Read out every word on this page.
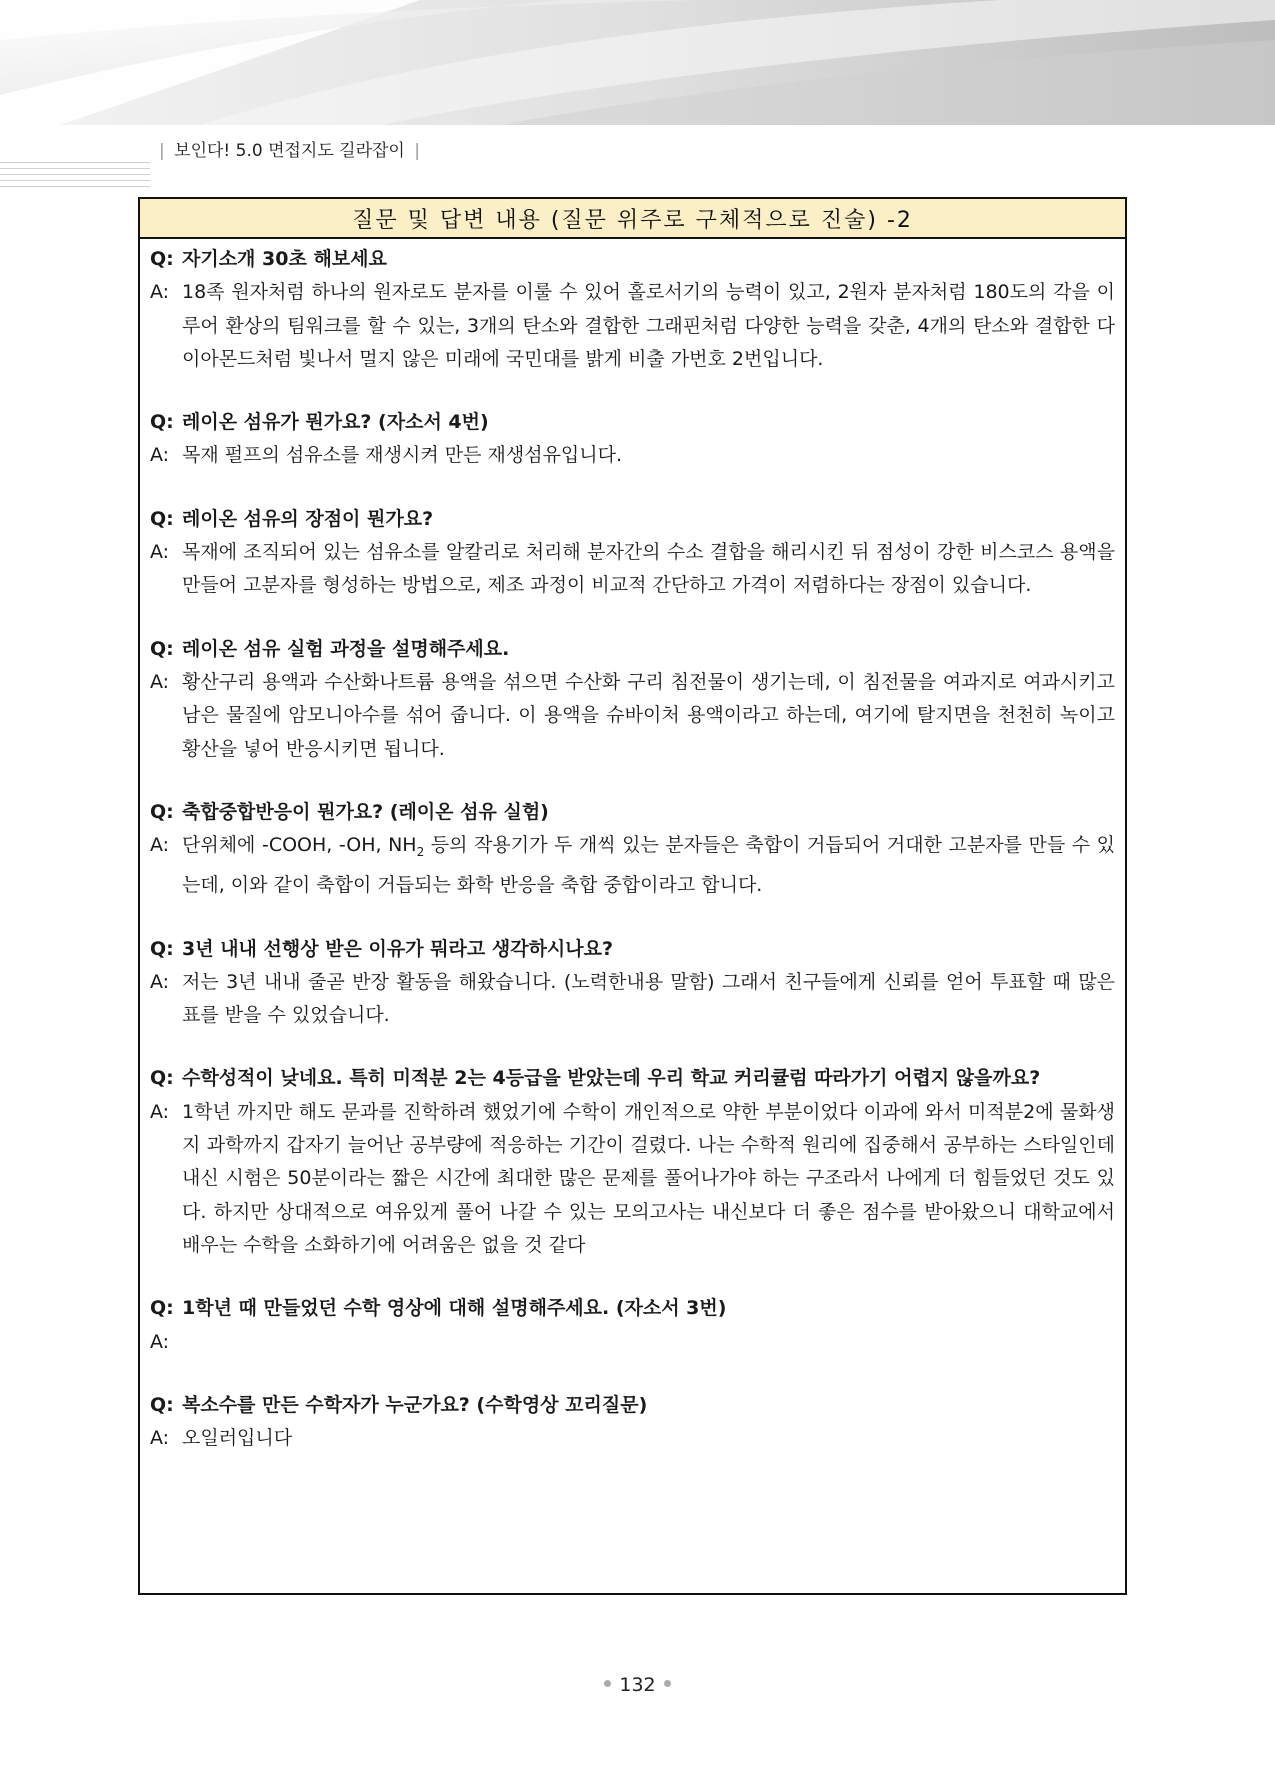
| 보인다! 5.0 면접지도 길라잡이 |
질문 및 답변 내용 (질문 위주로 구체적으로 진술) -2
Q: 자기소개 30초 해보세요
A: 18족 원자처럼 하나의 원자로도 분자를 이룰 수 있어 홀로서기의 능력이 있고, 2원자 분자처럼 180도의 각을 이루어 환상의 팀워크를 할 수 있는, 3개의 탄소와 결합한 그래핀처럼 다양한 능력을 갖춘, 4개의 탄소와 결합한 다이아몬드처럼 빛나서 멀지 않은 미래에 국민대를 밝게 비출 가번호 2번입니다.
Q: 레이온 섬유가 뭔가요? (자소서 4번)
A: 목재 펄프의 섬유소를 재생시켜 만든 재생섬유입니다.
Q: 레이온 섬유의 장점이 뭔가요?
A: 목재에 조직되어 있는 섬유소를 알칼리로 처리해 분자간의 수소 결합을 해리시킨 뒤 점성이 강한 비스코스 용액을 만들어 고분자를 형성하는 방법으로, 제조 과정이 비교적 간단하고 가격이 저렴하다는 장점이 있습니다.
Q: 레이온 섬유 실험 과정을 설명해주세요.
A: 황산구리 용액과 수산화나트륨 용액을 섞으면 수산화 구리 침전물이 생기는데, 이 침전물을 여과지로 여과시키고 남은 물질에 암모니아수를 섞어 줍니다. 이 용액을 슈바이처 용액이라고 하는데, 여기에 탈지면을 천천히 녹이고 황산을 넣어 반응시키면 됩니다.
Q: 축합중합반응이 뭔가요? (레이온 섬유 실험)
A: 단위체에 -COOH, -OH, $NH_2$ 등의 작용기가 두 개씩 있는 분자들은 축합이 거듭되어 거대한 고분자를 만들 수 있는데, 이와 같이 축합이 거듭되는 화학 반응을 축합 중합이라고 합니다.
Q: 3년 내내 선행상 받은 이유가 뭐라고 생각하시나요?
A: 저는 3년 내내 줄곧 반장 활동을 해왔습니다. (노력한내용 말함) 그래서 친구들에게 신뢰를 얻어 투표할 때 많은 표를 받을 수 있었습니다.
Q: 수학성적이 낮네요. 특히 미적분 2는 4등급을 받았는데 우리 학교 커리큘럼 따라가기 어렵지 않을까요?
A: 1학년 까지만 해도 문과를 진학하려 했었기에 수학이 개인적으로 약한 부분이었다 이과에 와서 미적분2에 물화생지 과학까지 갑자기 늘어난 공부량에 적응하는 기간이 걸렸다. 나는 수학적 원리에 집중해서 공부하는 스타일인데 내신 시험은 50분이라는 짧은 시간에 최대한 많은 문제를 풀어나가야 하는 구조라서 나에게 더 힘들었던 것도 있다. 하지만 상대적으로 여유있게 풀어 나갈 수 있는 모의고사는 내신보다 더 좋은 점수를 받아왔으니 대학교에서 배우는 수학을 소화하기에 어려움은 없을 것 같다
Q: 1학년 때 만들었던 수학 영상에 대해 설명해주세요. (자소서 3번)
A:
Q: 복소수를 만든 수학자가 누군가요? (수학영상 꼬리질문)
A: 오일러입니다
132
